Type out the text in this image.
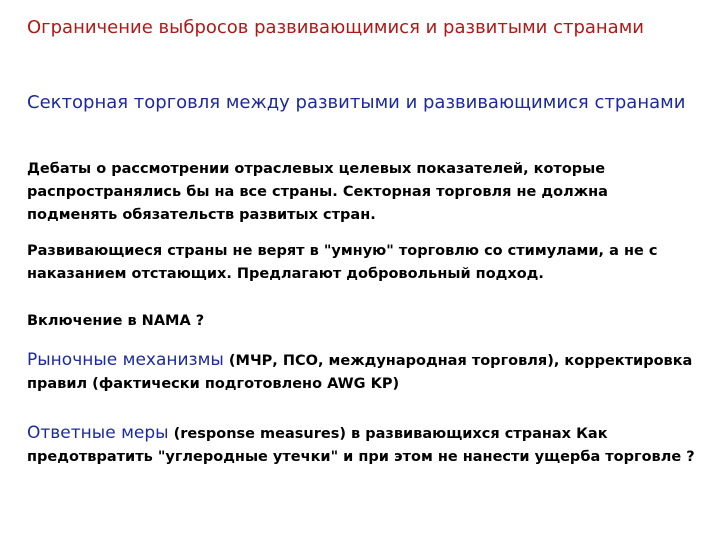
Ограничение выбросов развивающимися и развитыми странами

Секторная торговля между развитыми и развивающимися странами

Дебаты о рассмотрении отраслевых целевых показателей, которые распространялись бы на все страны. Секторная торговля не должна подменять обязательств развитых стран.

Развивающиеся страны не верят в "умную" торговлю со стимулами, а не с наказанием отстающих. Предлагают добровольный подход.

Включение в NAMA ?

Рыночные механизмы (МЧР, ПСО, международная торговля), корректировка правил (фактически подготовлено AWG KP)

Ответные меры (response measures) в развивающихся странах Как предотвратить "углеродные утечки" и при этом не нанести ущерба торговле ?
